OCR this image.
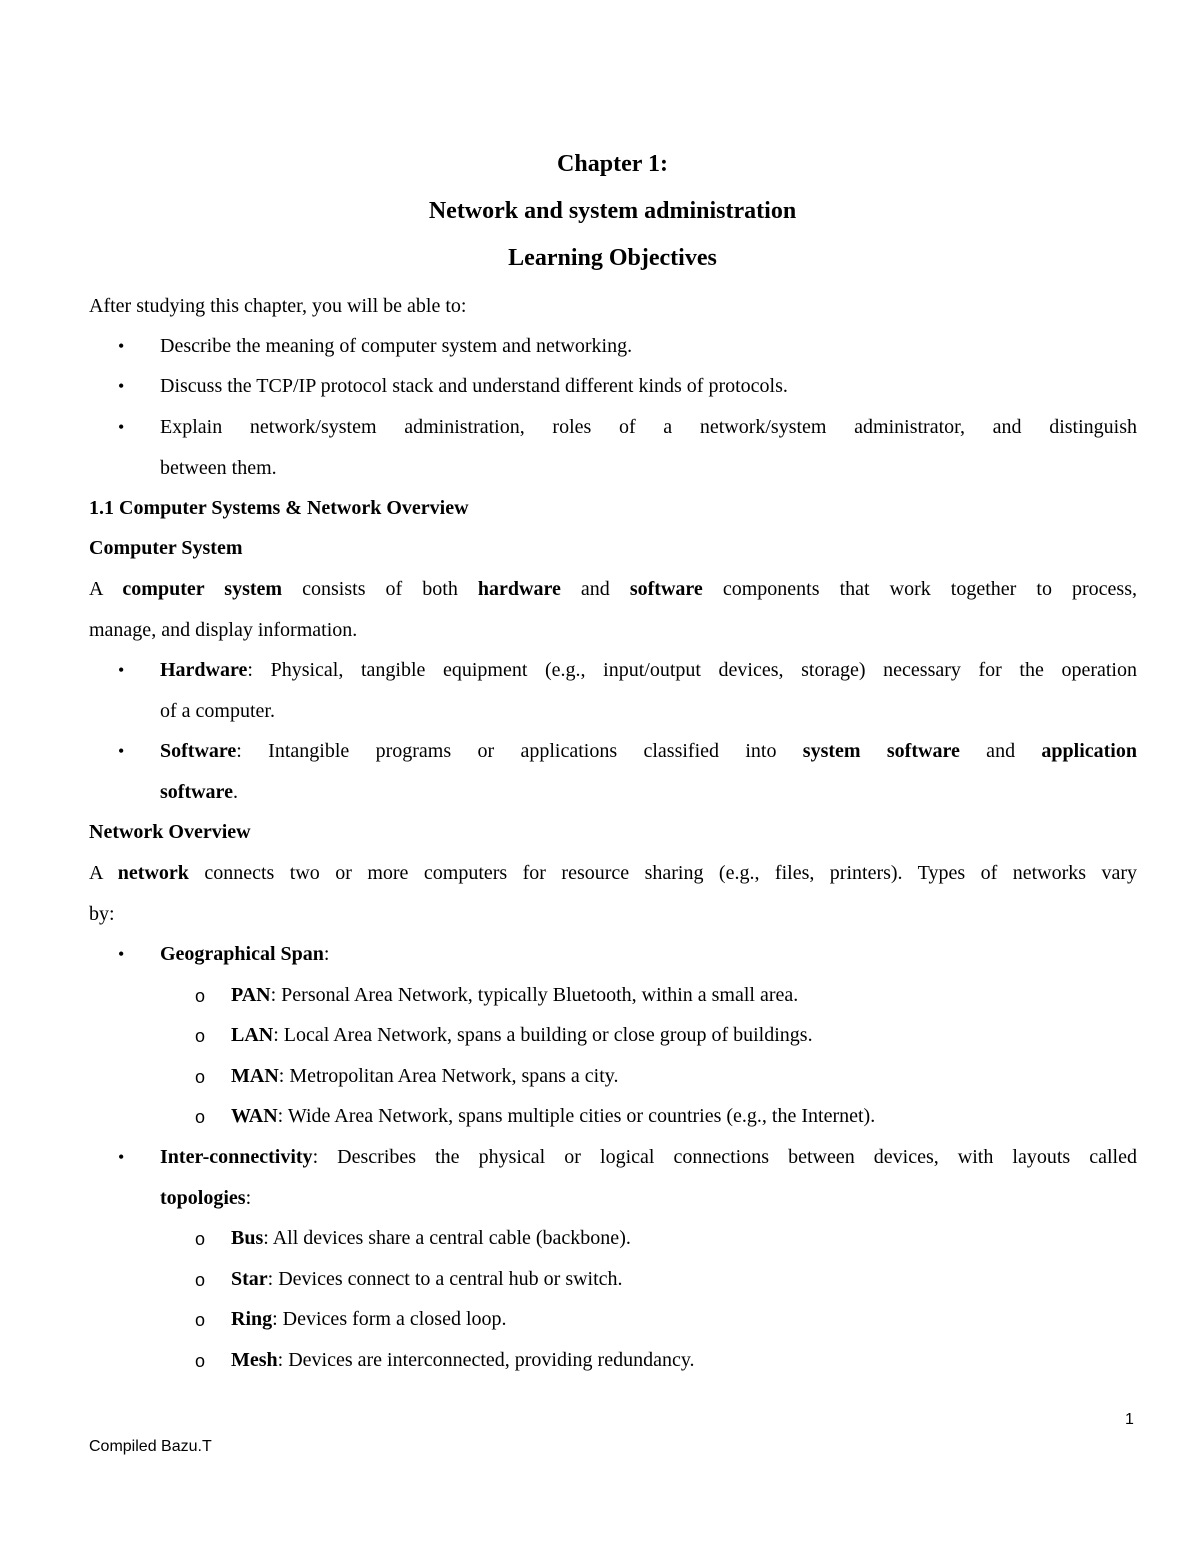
Chapter 1:
Network and system administration
Learning Objectives
After studying this chapter, you will be able to:
• Describe the meaning of computer system and networking.
• Discuss the TCP/IP protocol stack and understand different kinds of protocols.
• Explain network/system administration, roles of a network/system administrator, and distinguish
between them.
1.1 Computer Systems & Network Overview
Computer System
A computer system consists of both hardware and software components that work together to process,
manage, and display information.
• Hardware: Physical, tangible equipment (e.g., input/output devices, storage) necessary for the operation
of a computer.
• Software: Intangible programs or applications classified into system software and application
software.
Network Overview
A network connects two or more computers for resource sharing (e.g., files, printers). Types of networks vary
by:
• Geographical Span:
o PAN: Personal Area Network, typically Bluetooth, within a small area.
o LAN: Local Area Network, spans a building or close group of buildings.
o MAN: Metropolitan Area Network, spans a city.
o WAN: Wide Area Network, spans multiple cities or countries (e.g., the Internet).
• Inter-connectivity: Describes the physical or logical connections between devices, with layouts called
topologies:
o Bus: All devices share a central cable (backbone).
o Star: Devices connect to a central hub or switch.
o Ring: Devices form a closed loop.
o Mesh: Devices are interconnected, providing redundancy.
1
Compiled Bazu.T
